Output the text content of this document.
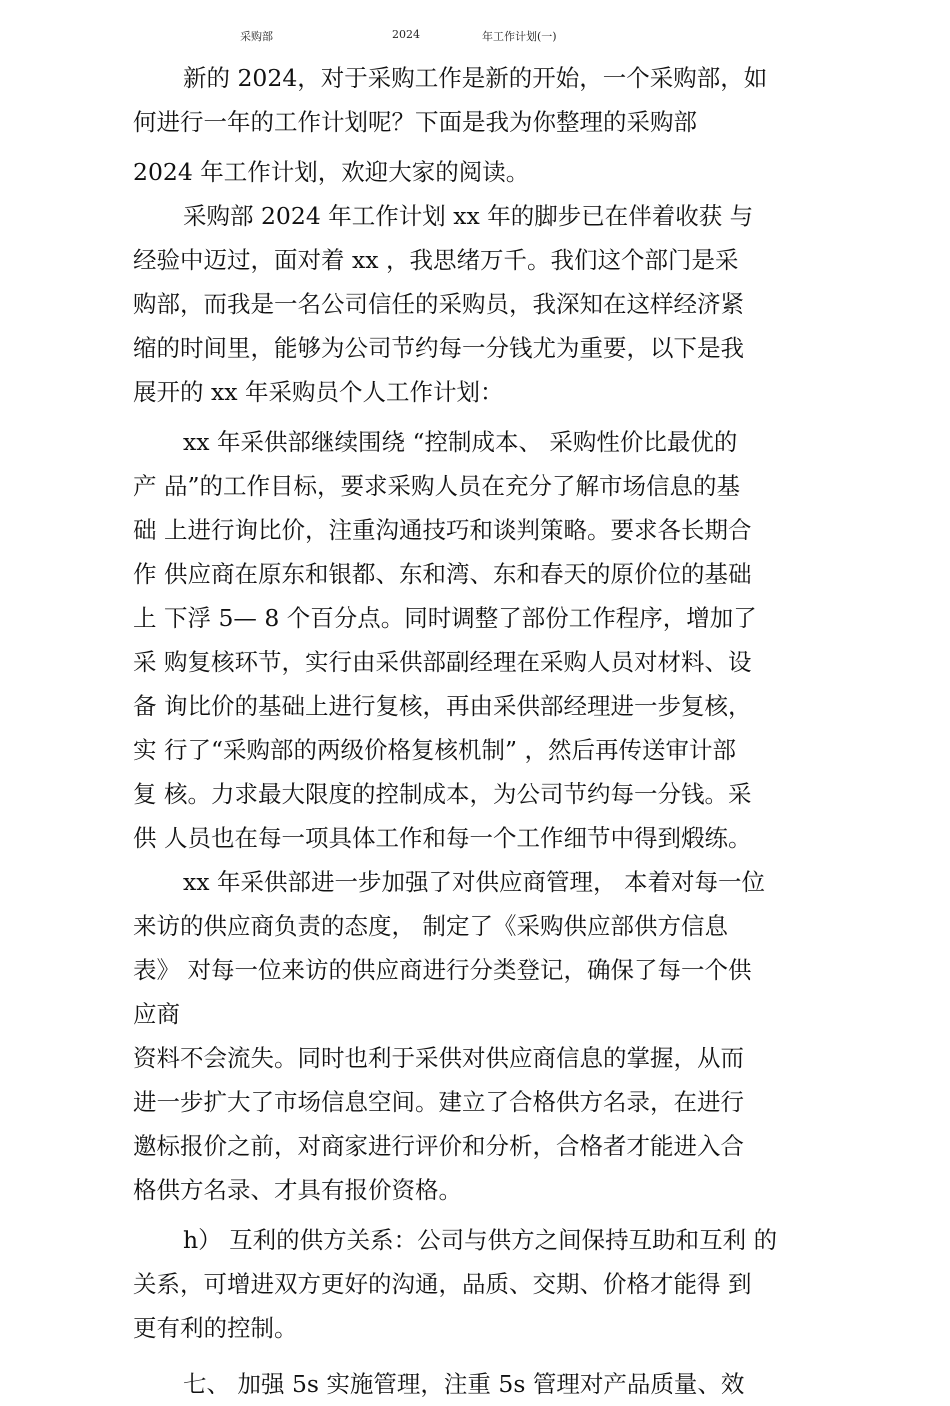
采购部	2024	年工作计划(一)
新的 2024，对于采购工作是新的开始，一个采购部，如
何进行一年的工作计划呢？下面是我为你整理的采购部
2024 年工作计划，欢迎大家的阅读。
采购部 2024 年工作计划 xx 年的脚步已在伴着收获 与
经验中迈过，面对着 xx ，我思绪万千。我们这个部门是采
购部，而我是一名公司信任的采购员，我深知在这样经济紧
缩的时间里，能够为公司节约每一分钱尤为重要，以下是我
展开的 xx 年采购员个人工作计划：
xx 年采供部继续围绕 “控制成本、 采购性价比最优的
产 品”的工作目标，要求采购人员在充分了解市场信息的基
础 上进行询比价，注重沟通技巧和谈判策略。要求各长期合
作 供应商在原东和银都、东和湾、东和春天的原价位的基础
上 下浮 5— 8 个百分点。同时调整了部份工作程序，增加了
采 购复核环节，实行由采供部副经理在采购人员对材料、设
备 询比价的基础上进行复核，再由采供部经理进一步复核，
实 行了“采购部的两级价格复核机制” ，然后再传送审计部
复 核。力求最大限度的控制成本，为公司节约每一分钱。采
供 人员也在每一项具体工作和每一个工作细节中得到煅练。
xx 年采供部进一步加强了对供应商管理， 本着对每一位
来访的供应商负责的态度， 制定了《采购供应部供方信息
表》 对每一位来访的供应商进行分类登记，确保了每一个供
应商
资料不会流失。同时也利于采供对供应商信息的掌握，从而
进一步扩大了市场信息空间。建立了合格供方名录，在进行
邀标报价之前，对商家进行评价和分析，合格者才能进入合
格供方名录、才具有报价资格。
h） 互利的供方关系：公司与供方之间保持互助和互利 的
关系，可增进双方更好的沟通，品质、交期、价格才能得 到
更有利的控制。
七、 加强 5s 实施管理，注重 5s 管理对产品质量、效
